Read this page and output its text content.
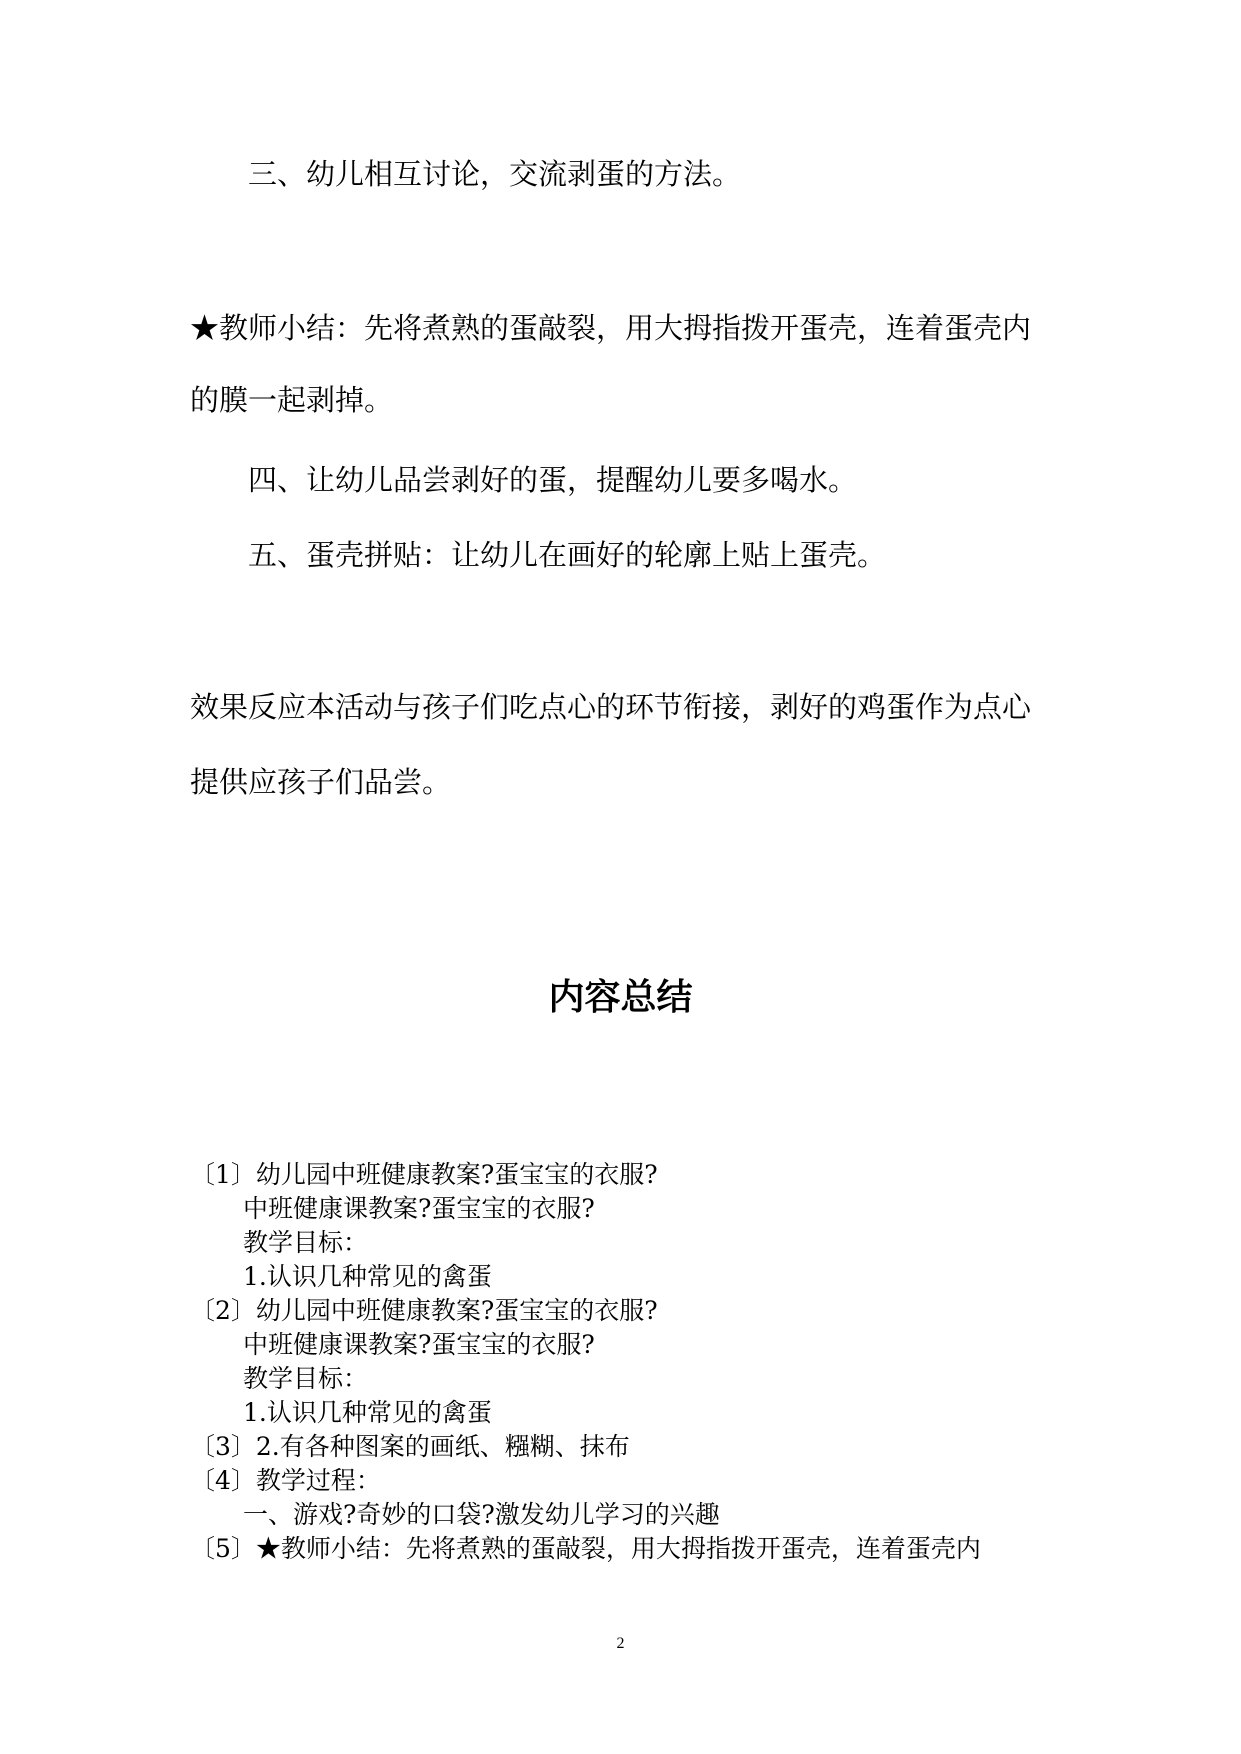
三、幼儿相互讨论，交流剥蛋的方法。
★教师小结：先将煮熟的蛋敲裂，用大拇指拨开蛋壳，连着蛋壳内
的膜一起剥掉。
四、让幼儿品尝剥好的蛋，提醒幼儿要多喝水。
五、蛋壳拼贴：让幼儿在画好的轮廓上贴上蛋壳。
效果反应本活动与孩子们吃点心的环节衔接，剥好的鸡蛋作为点心
提供应孩子们品尝。
内容总结
〔1〕幼儿园中班健康教案?蛋宝宝的衣服?
中班健康课教案?蛋宝宝的衣服?
教学目标：
1.认识几种常见的禽蛋
〔2〕幼儿园中班健康教案?蛋宝宝的衣服?
中班健康课教案?蛋宝宝的衣服?
教学目标：
1.认识几种常见的禽蛋
〔3〕2.有各种图案的画纸、糨糊、抹布
〔4〕教学过程：
一、游戏?奇妙的口袋?激发幼儿学习的兴趣
〔5〕★教师小结：先将煮熟的蛋敲裂，用大拇指拨开蛋壳，连着蛋壳内
2
